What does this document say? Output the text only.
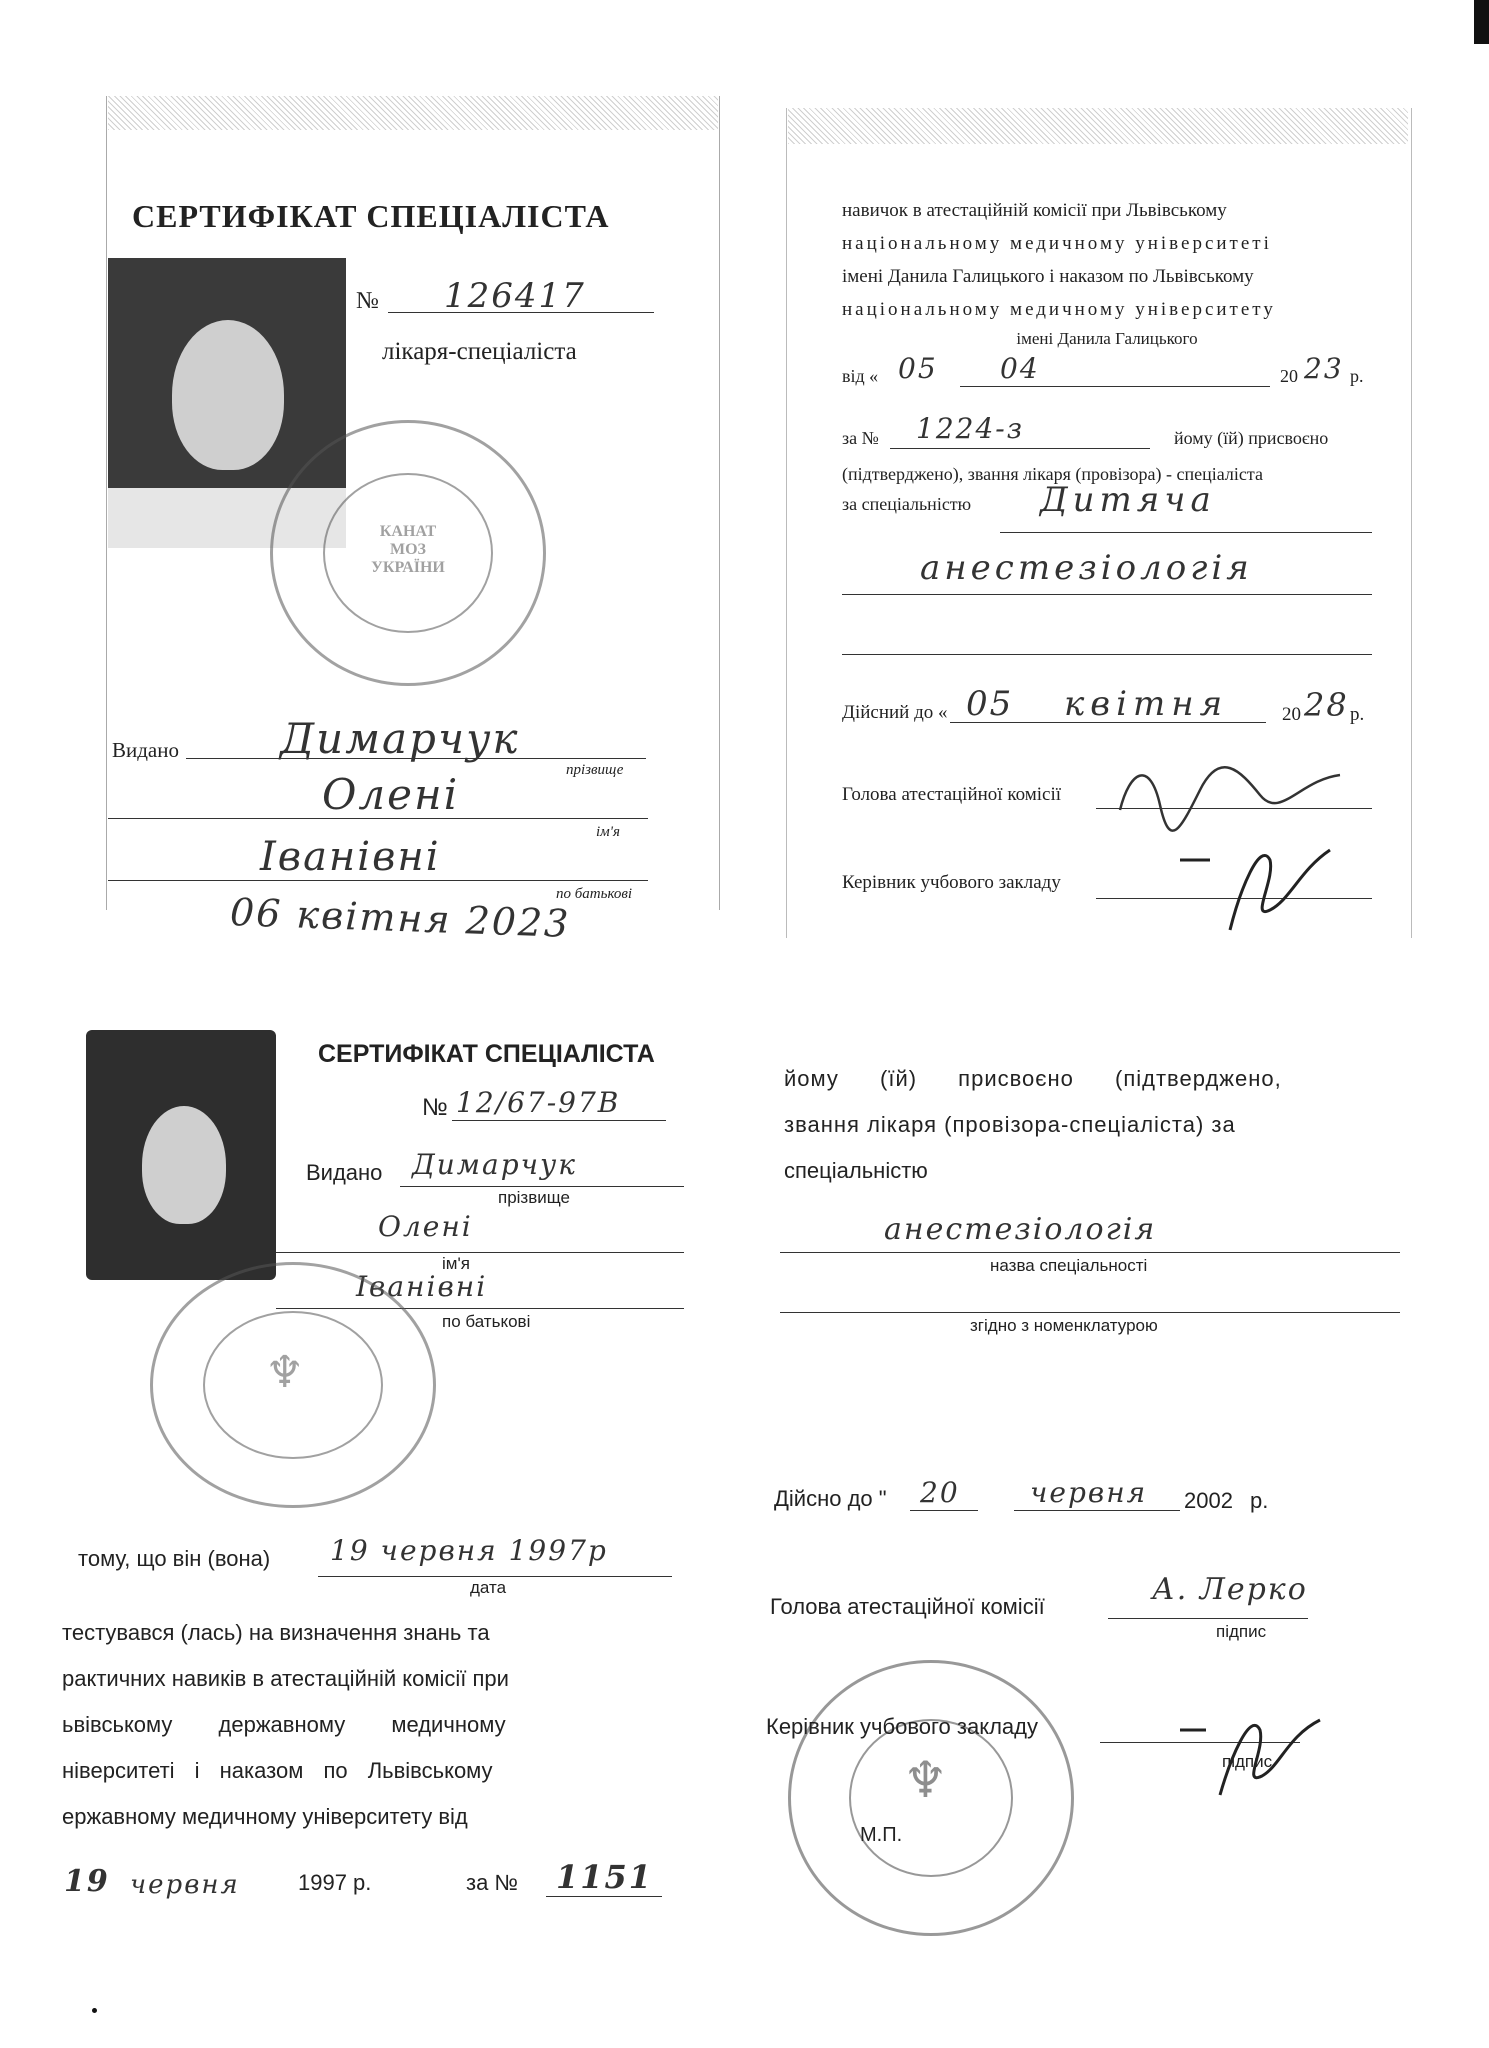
СЕРТИФІКАТ СПЕЦІАЛІСТА
№ 126417
лікаря-спеціаліста
КАНАТ МОЗ УКРАЇНИ
Видано Димарчук
прізвище
Олені
ім'я
Іванівні
по батькові
06 квітня 2023
навичок в атестаційній комісії при Львівському
національному медичному університеті
імені Данила Галицького і наказом по Львівському
національному медичному університету
імені Данила Галицького
від « 05 04	20 23 р.
за № 1224-з	йому (їй) присвоєно
(підтверджено), звання лікаря (провізора) - спеціаліста
за спеціальністю Дитяча
анестезіологія
Дійсний до « 05 квітня	20 28 р.
Голова атестаційної комісії
Керівник учбового закладу
СЕРТИФІКАТ СПЕЦІАЛІСТА
№ 12/67-97В
Видано Димарчук
прізвище
Олені
ім'я
Іванівні
по батькові
♆
тому, що він (вона) 19 червня 1997р
дата
тестувався (лась) на визначення знань та
рактичних навиків в атестаційній комісії при
ьвівському державному медичному
ніверситеті і наказом по Львівському
ержавному медичному університету від
19 червня	1997 р.	за № 1151
йому (їй) присвоєно (підтверджено,
звання лікаря (провізора-спеціаліста) за
спеціальністю
анестезіологія
назва спеціальності
згідно з номенклатурою
Дійсно до " 20	червня 2002 р.
Голова атестаційної комісії	А. Лерко
підпис
♆
Керівник учбового закладу
підпис
М.П.
